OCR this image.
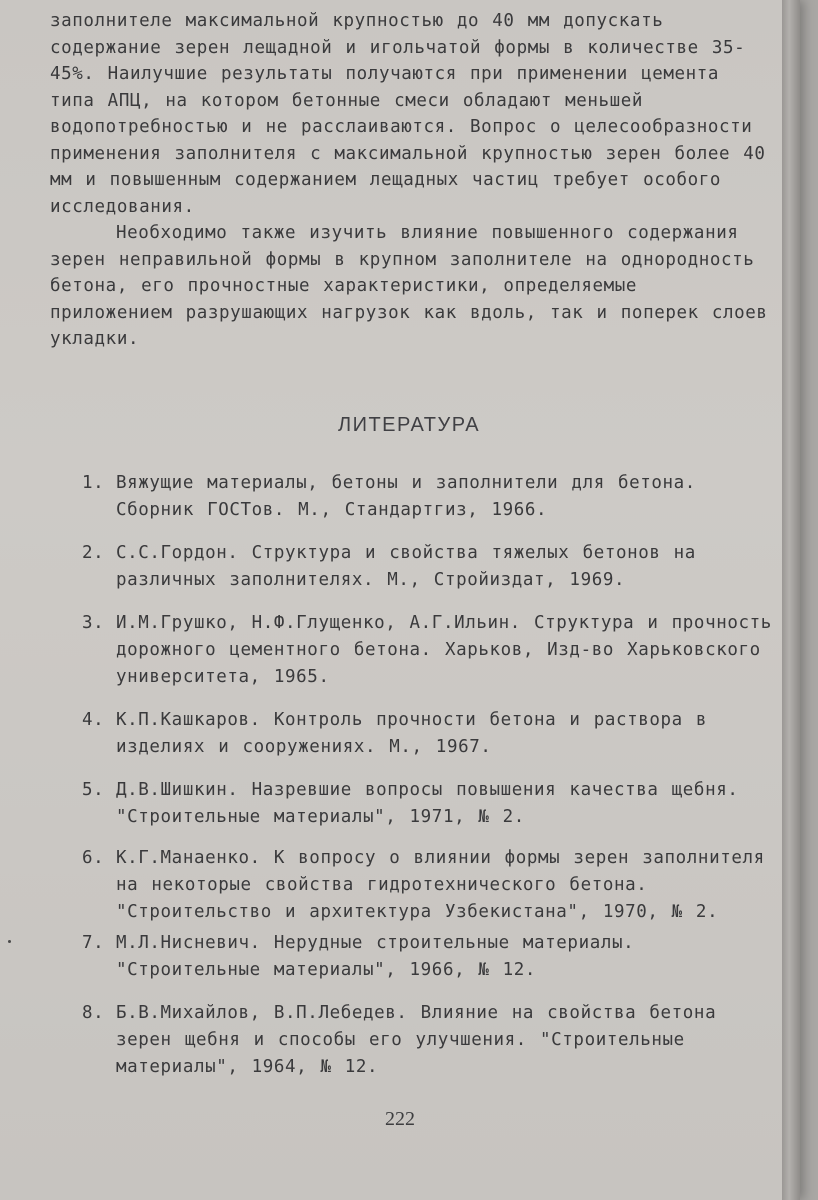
заполнителе максимальной крупностью до 40 мм допускать содержание зерен лещадной и игольчатой формы в количестве 35-45%. Наилучшие результаты получаются при применении цемента типа АПЦ, на котором бетонные смеси обладают меньшей водопотребностью и не расслаиваются. Вопрос о целесообразности применения заполнителя с максимальной крупностью зерен более 40 мм и повышенным содержанием лещадных частиц требует особого исследования.

Необходимо также изучить влияние повышенного содержания зерен неправильной формы в крупном заполнителе на однородность бетона, его прочностные характеристики, определяемые приложением разрушающих нагрузок как вдоль, так и поперек слоев укладки.

ЛИТЕРАТУРА
1. Вяжущие материалы, бетоны и заполнители для бетона. Сборник ГОСТов. М., Стандартгиз, 1966.
2. С.С.Гордон. Структура и свойства тяжелых бетонов на различных заполнителях. М., Стройиздат, 1969.
3. И.М.Грушко, Н.Ф.Глущенко, А.Г.Ильин. Структура и прочность дорожного цементного бетона. Харьков, Изд-во Харьковского университета, 1965.
4. К.П.Кашкаров. Контроль прочности бетона и раствора в изделиях и сооружениях. М., 1967.
5. Д.В.Шишкин. Назревшие вопросы повышения качества щебня. "Строительные материалы", 1971, № 2.
6. К.Г.Манаенко. К вопросу о влиянии формы зерен заполнителя на некоторые свойства гидротехнического бетона. "Строительство и архитектура Узбекистана", 1970, № 2.
7. М.Л.Нисневич. Нерудные строительные материалы. "Строительные материалы", 1966, № 12.
8. Б.В.Михайлов, В.П.Лебедев. Влияние на свойства бетона зерен щебня и способы его улучшения. "Строительные материалы", 1964, № 12.
222
